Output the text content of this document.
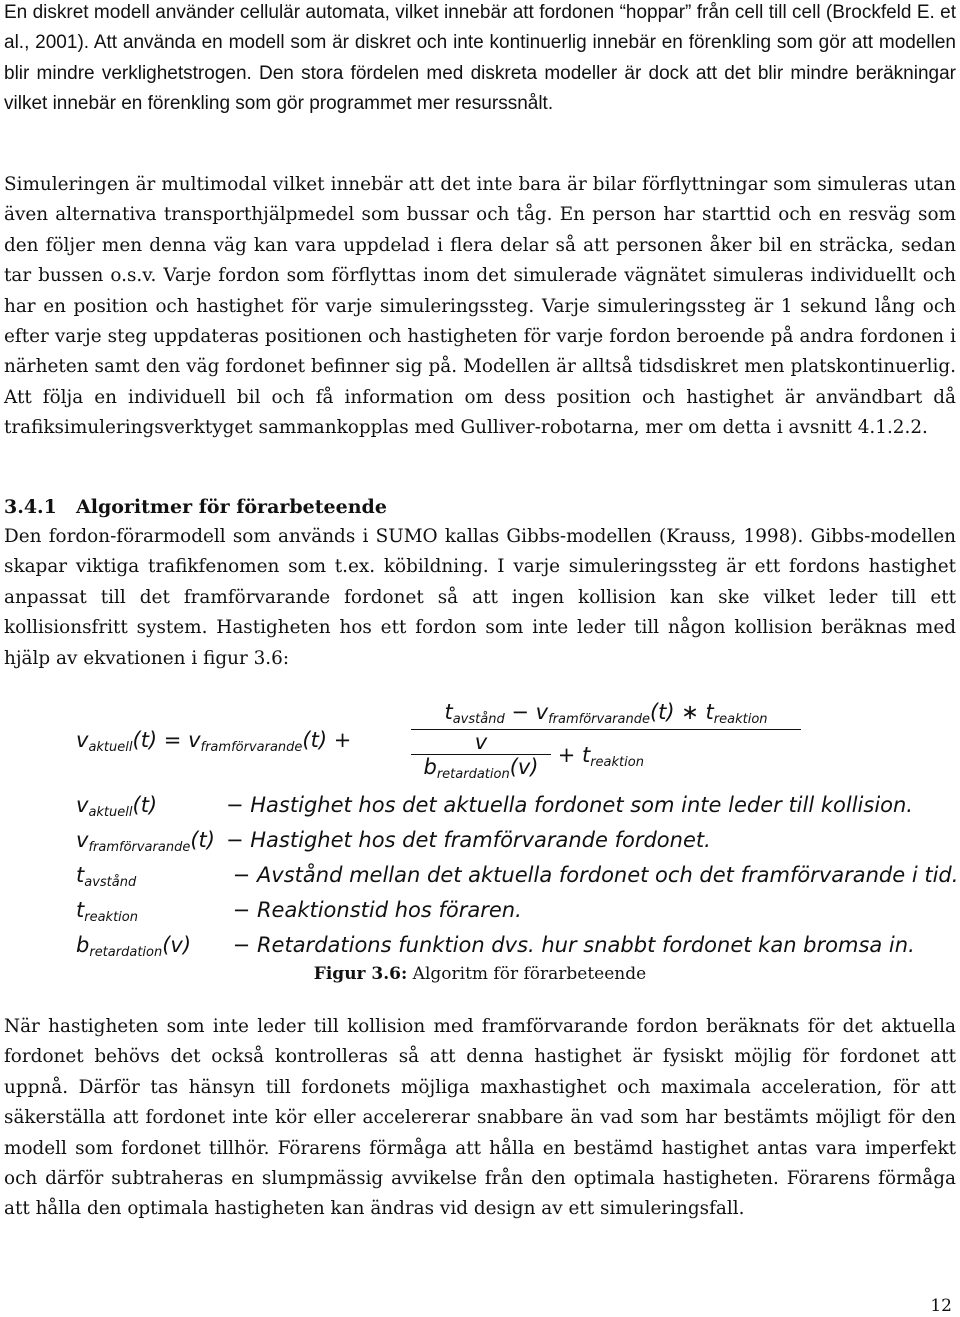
En diskret modell använder cellulär automata, vilket innebär att fordonen “hoppar” från cell till cell (Brockfeld E. et al., 2001). Att använda en modell som är diskret och inte kontinuerlig innebär en förenkling som gör att modellen blir mindre verklighetstrogen. Den stora fördelen med diskreta modeller är dock att det blir mindre beräkningar vilket innebär en förenkling som gör programmet mer resurssnålt.

Simuleringen är multimodal vilket innebär att det inte bara är bilar förflyttningar som simuleras utan även alternativa transporthjälpmedel som bussar och tåg. En person har starttid och en resväg som den följer men denna väg kan vara uppdelad i flera delar så att personen åker bil en sträcka, sedan tar bussen o.s.v. Varje fordon som förflyttas inom det simulerade vägnätet simuleras individuellt och har en position och hastighet för varje simuleringssteg. Varje simuleringssteg är 1 sekund lång och efter varje steg uppdateras positionen och hastigheten för varje fordon beroende på andra fordonen i närheten samt den väg fordonet befinner sig på. Modellen är alltså tidsdiskret men platskontinuerlig. Att följa en individuell bil och få information om dess position och hastighet är användbart då trafiksimuleringsverktyget sammankopplas med Gulliver-robotarna, mer om detta i avsnitt 4.1.2.2.

3.4.1 Algoritmer för förarbeteende

Den fordon-förarmodell som används i SUMO kallas Gibbs-modellen (Krauss, 1998). Gibbs-modellen skapar viktiga trafikfenomen som t.ex. köbildning. I varje simuleringssteg är ett fordons hastighet anpassat till det framförvarande fordonet så att ingen kollision kan ske vilket leder till ett kollisionsfritt system. Hastigheten hos ett fordon som inte leder till någon kollision beräknas med hjälp av ekvationen i figur 3.6:

$v_{aktuell}(t) = v_{framförvarande}(t)$ +
$t_{avstånd} - v_{framförvarande}(t)$ ∗ $t_{reaktion}$
v
$b_{retardation}(v) + t_{reaktion}$
$v_{aktuell}(t)$	− Hastighet hos det aktuella fordonet som inte leder till kollision.
$v_{framförvarande}(t)$ − Hastighet hos det framförvarande fordonet.
$t_{avstånd}$	− Avstånd mellan det aktuella fordonet och det framförvarande i tid.
$t_{reaktion}$	− Reaktionstid hos föraren.
$b_{retardation}(v)$ − Retardations funktion dvs. hur snabbt fordonet kan bromsa in.
Figur 3.6: Algoritm för förarbeteende

När hastigheten som inte leder till kollision med framförvarande fordon beräknats för det aktuella fordonet behövs det också kontrolleras så att denna hastighet är fysiskt möjlig för fordonet att uppnå. Därför tas hänsyn till fordonets möjliga maxhastighet och maximala acceleration, för att säkerställa att fordonet inte kör eller accelererar snabbare än vad som har bestämts möjligt för den modell som fordonet tillhör. Förarens förmåga att hålla en bestämd hastighet antas vara imperfekt och därför subtraheras en slumpmässig avvikelse från den optimala hastigheten. Förarens förmåga att hålla den optimala hastigheten kan ändras vid design av ett simuleringsfall.

12
